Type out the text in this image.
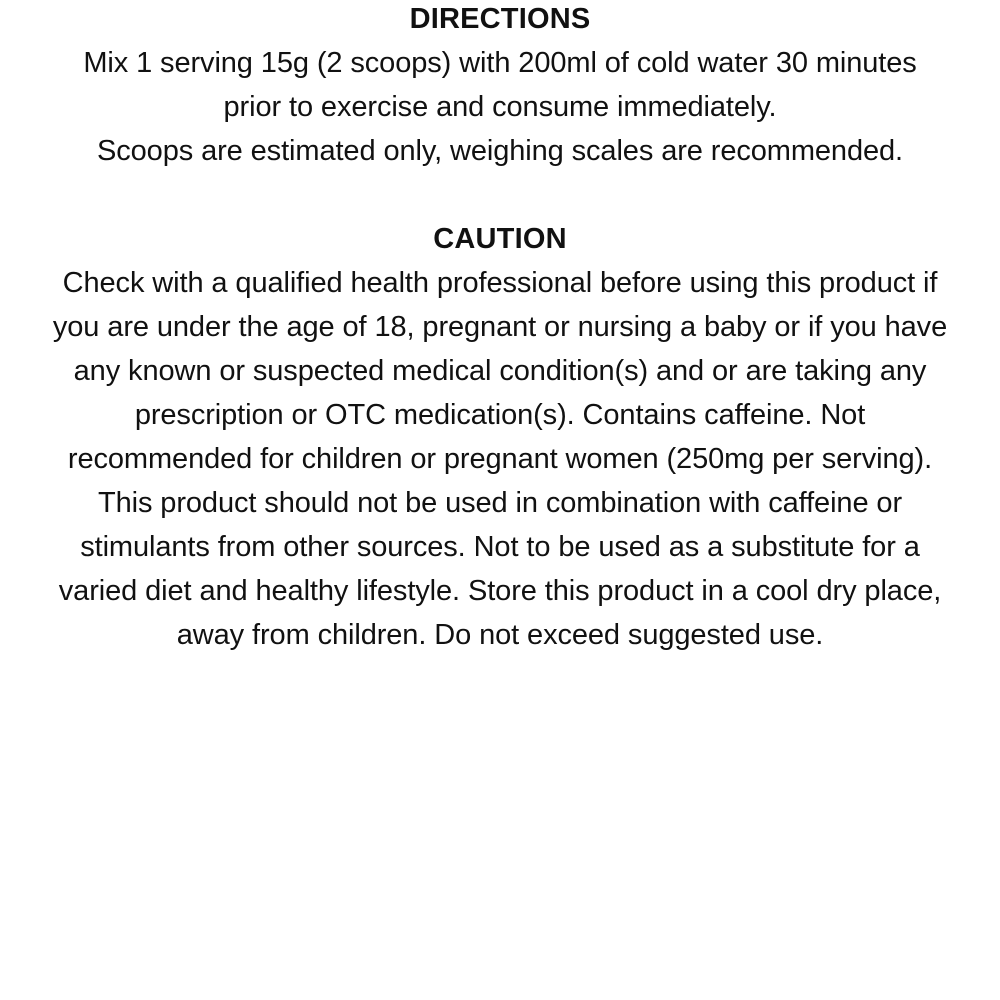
DIRECTIONS

Mix 1 serving 15g (2 scoops) with 200ml of cold water 30 minutes

prior to exercise and consume immediately.

Scoops are estimated only, weighing scales are recommended.

CAUTION

Check with a qualified health professional before using this product if

you are under the age of 18, pregnant or nursing a baby or if you have

any known or suspected medical condition(s) and or are taking any

prescription or OTC medication(s). Contains caffeine. Not

recommended for children or pregnant women (250mg per serving).

This product should not be used in combination with caffeine or

stimulants from other sources. Not to be used as a substitute for a

varied diet and healthy lifestyle. Store this product in a cool dry place,

away from children. Do not exceed suggested use.
